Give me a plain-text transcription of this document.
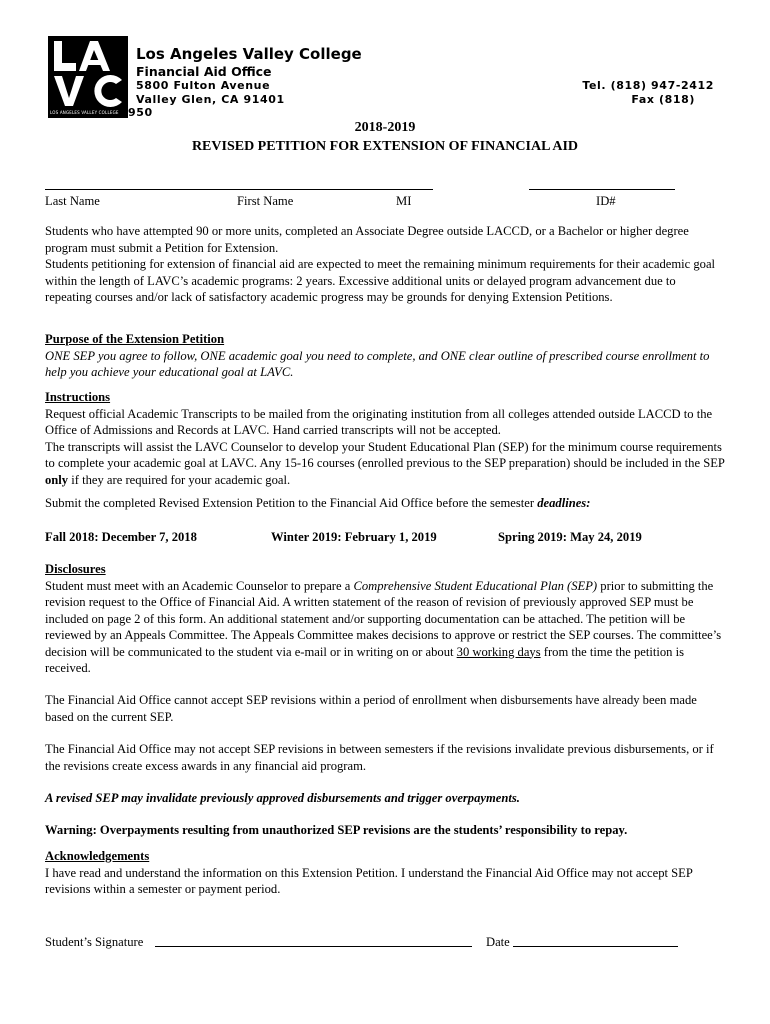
LOS ANGELES VALLEY COLLEGE
Los Angeles Valley College
Financial Aid Office
5800 Fulton Avenue
Valley Glen, CA 91401
950
Tel. (818) 947-2412
Fax (818)
2018-2019
REVISED PETITION FOR EXTENSION OF FINANCIAL AID
Last Name	First Name	MI	ID#
Students who have attempted 90 or more units, completed an Associate Degree outside LACCD, or a Bachelor or higher degree program must submit a Petition for Extension.
Students petitioning for extension of financial aid are expected to meet the remaining minimum requirements for their academic goal within the length of LAVC’s academic programs: 2 years. Excessive additional units or delayed program advancement due to repeating courses and/or lack of satisfactory academic progress may be grounds for denying Extension Petitions.
Purpose of the Extension Petition
ONE SEP you agree to follow, ONE academic goal you need to complete, and ONE clear outline of prescribed course enrollment to help you achieve your educational goal at LAVC.
Instructions
Request official Academic Transcripts to be mailed from the originating institution from all colleges attended outside LACCD to the Office of Admissions and Records at LAVC. Hand carried transcripts will not be accepted.
The transcripts will assist the LAVC Counselor to develop your Student Educational Plan (SEP) for the minimum course requirements to complete your academic goal at LAVC. Any 15-16 courses (enrolled previous to the SEP preparation) should be included in the SEP only if they are required for your academic goal.
Submit the completed Revised Extension Petition to the Financial Aid Office before the semester deadlines:
Fall 2018: December 7, 2018	Winter 2019: February 1, 2019	Spring 2019: May 24, 2019
Disclosures
Student must meet with an Academic Counselor to prepare a Comprehensive Student Educational Plan (SEP) prior to submitting the revision request to the Office of Financial Aid. A written statement of the reason of revision of previously approved SEP must be included on page 2 of this form. An additional statement and/or supporting documentation can be attached. The petition will be reviewed by an Appeals Committee. The Appeals Committee makes decisions to approve or restrict the SEP courses. The committee’s decision will be communicated to the student via e-mail or in writing on or about 30 working days from the time the petition is received.
The Financial Aid Office cannot accept SEP revisions within a period of enrollment when disbursements have already been made based on the current SEP.
The Financial Aid Office may not accept SEP revisions in between semesters if the revisions invalidate previous disbursements, or if the revisions create excess awards in any financial aid program.
A revised SEP may invalidate previously approved disbursements and trigger overpayments.
Warning: Overpayments resulting from unauthorized SEP revisions are the students’ responsibility to repay.
Acknowledgements
I have read and understand the information on this Extension Petition. I understand the Financial Aid Office may not accept SEP revisions within a semester or payment period.
Student’s Signature	Date
